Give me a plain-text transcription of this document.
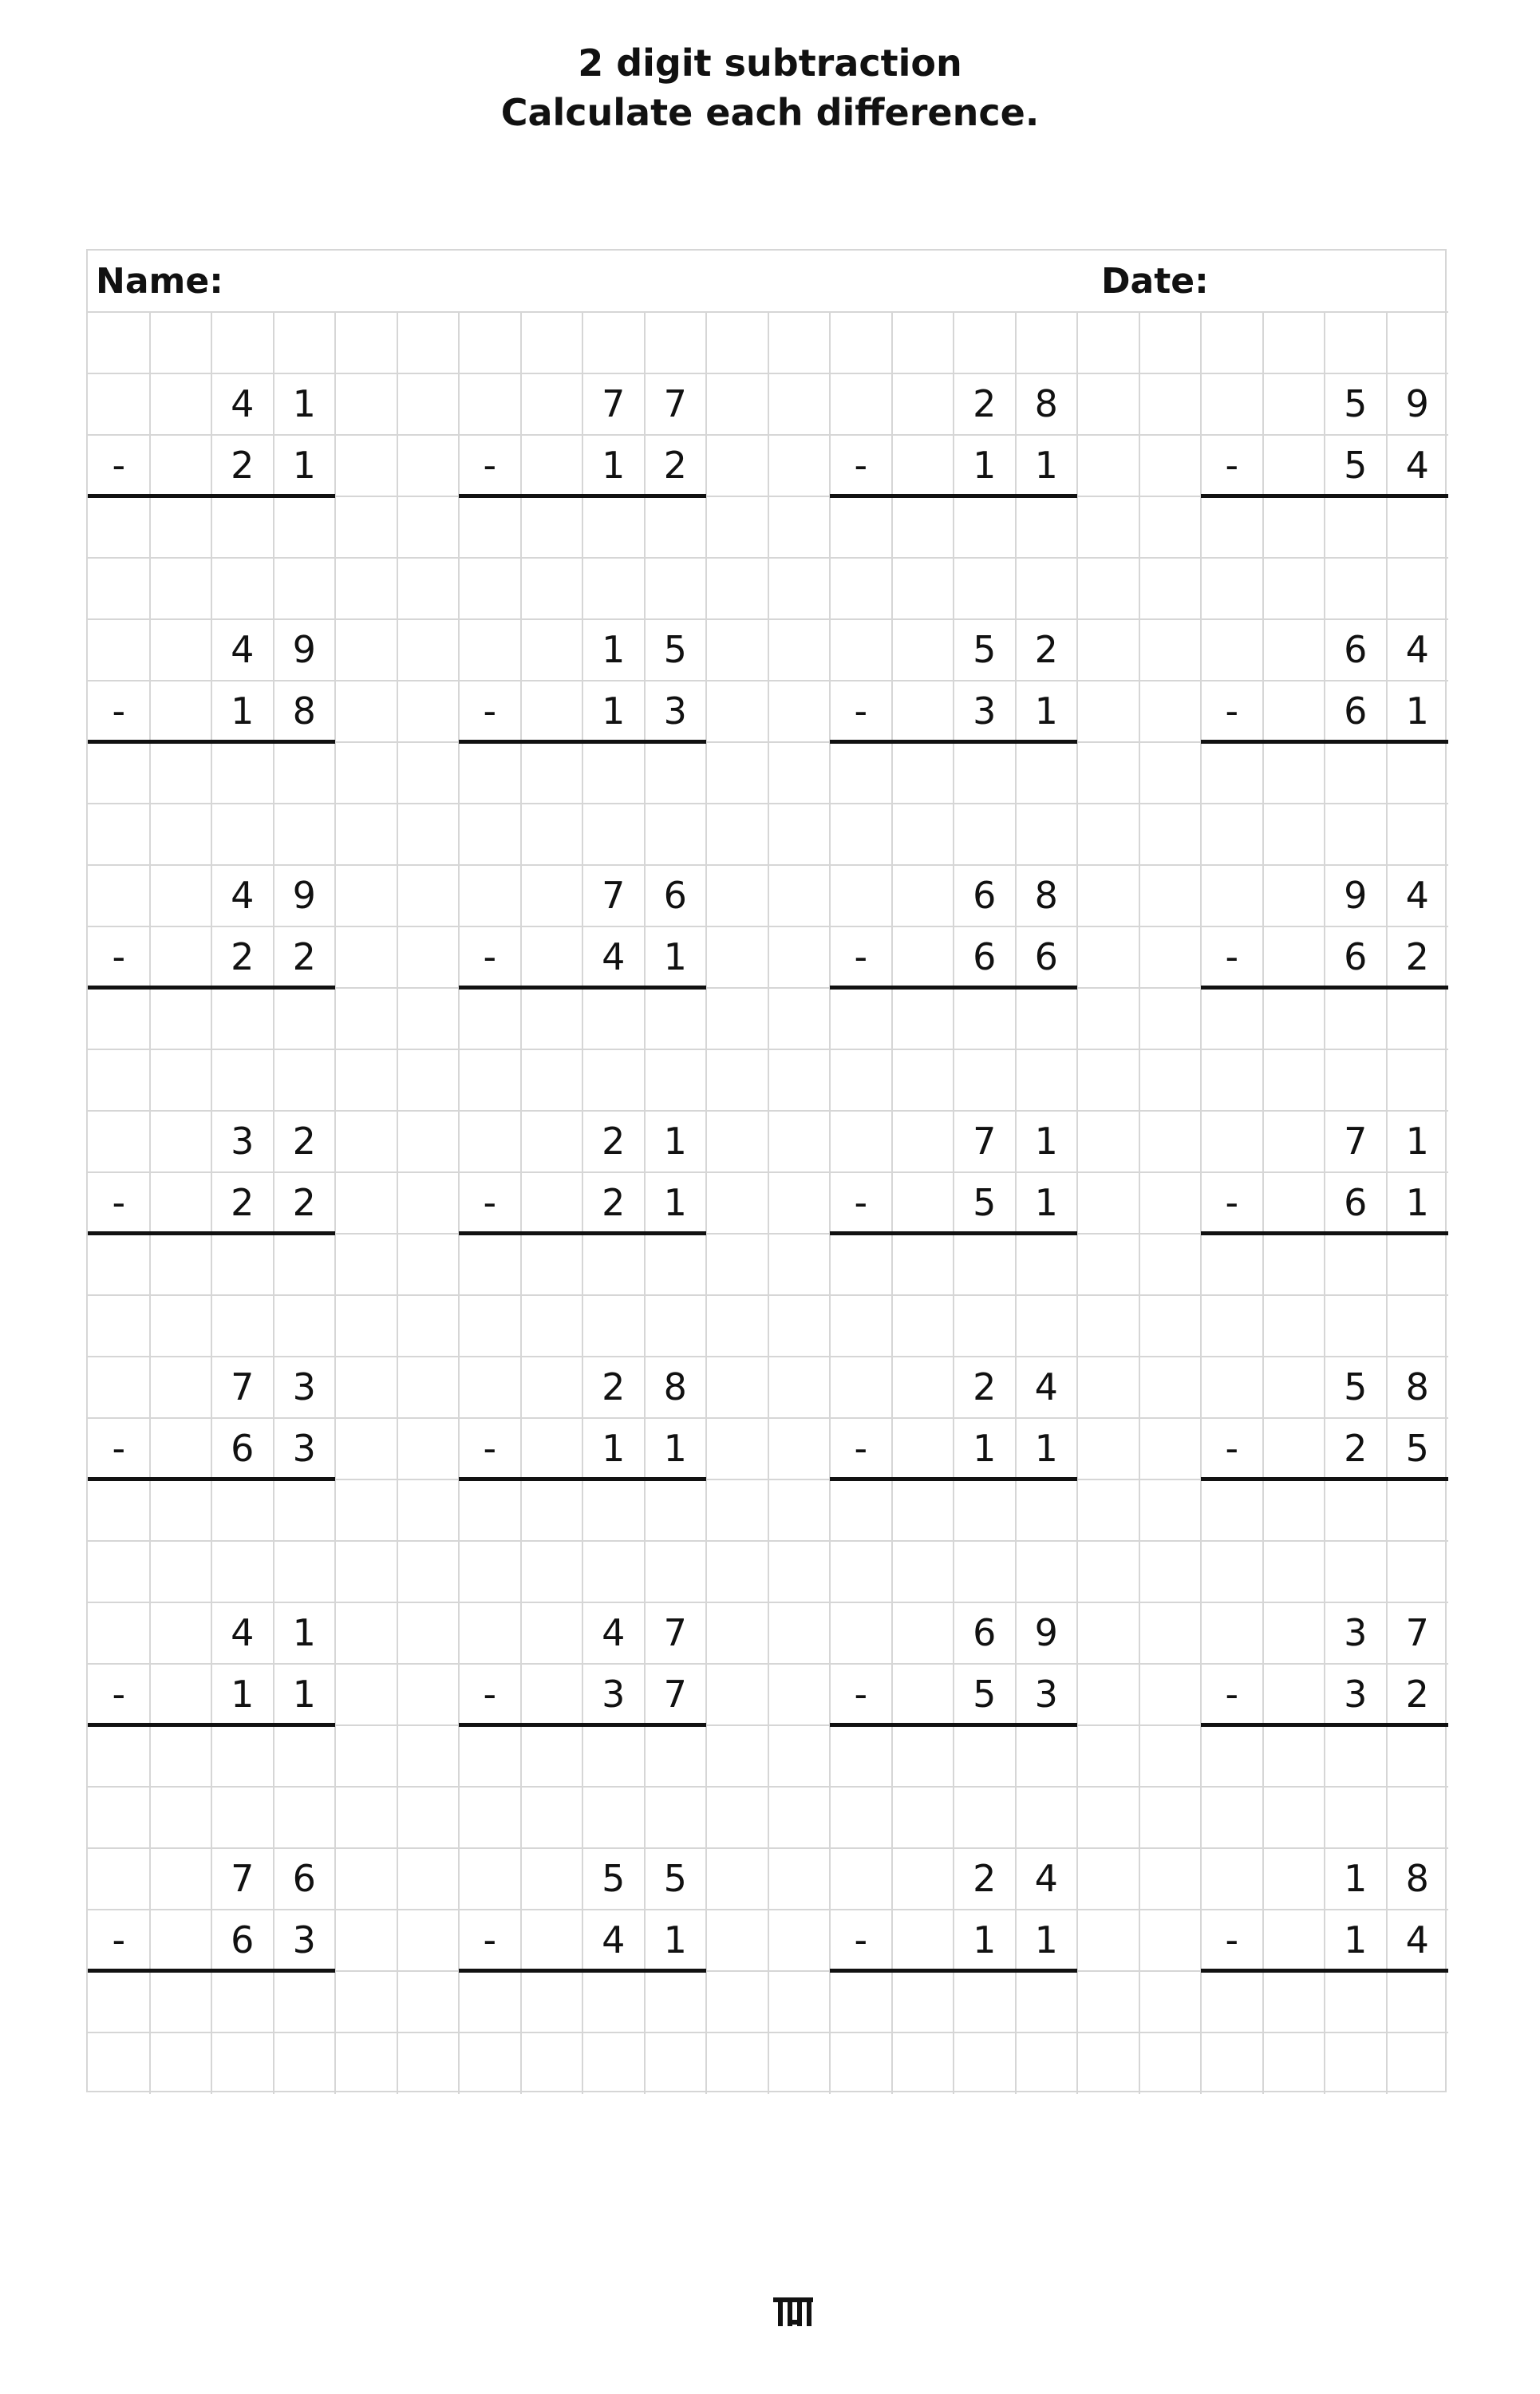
2 digit subtraction
Calculate each difference.
Name:	Date:
4	1
-	2	1
7	7
-	1	2
2	8
-	1	1
5	9
-	5	4
4	9
-	1	8
1	5
-	1	3
5	2
-	3	1
6	4
-	6	1
4	9
-	2	2
7	6
-	4	1
6	8
-	6	6
9	4
-	6	2
3	2
-	2	2
2	1
-	2	1
7	1
-	5	1
7	1
-	6	1
7	3
-	6	3
2	8
-	1	1
2	4
-	1	1
5	8
-	2	5
4	1
-	1	1
4	7
-	3	7
6	9
-	5	3
3	7
-	3	2
7	6
-	6	3
5	5
-	4	1
2	4
-	1	1
1	8
-	1	4
